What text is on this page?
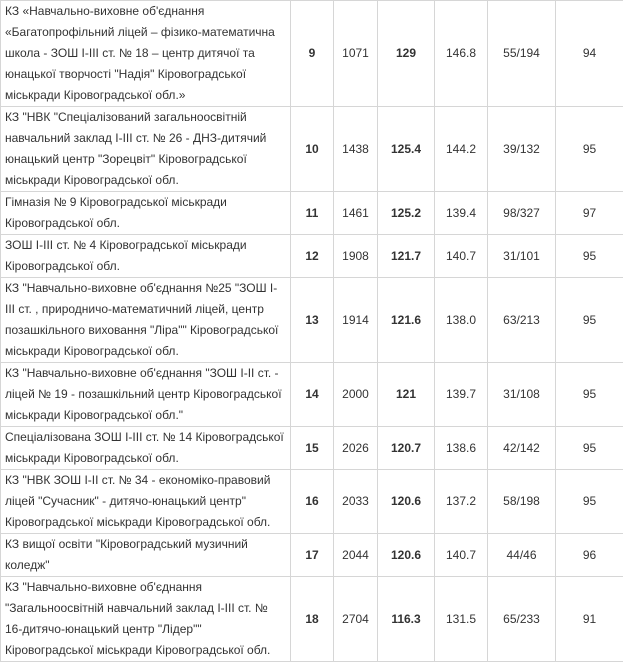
КЗ «Навчально-виховне об'єднання «Багатопрофільний ліцей – фізико-математична школа - ЗОШ І-ІІІ ст. № 18 – центр дитячої та юнацької творчості "Надія" Кіровоградської міськради Кіровоградської обл.»	9	1071	129	146.8	55/194	94
КЗ "НВК "Спеціалізований загальноосвітній навчальний заклад І-ІІІ ст. № 26 - ДНЗ-дитячий юнацький центр "Зорецвіт" Кіровоградської міськради Кіровоградської обл.	10	1438	125.4	144.2	39/132	95
Гімназія № 9 Кіровоградської міськради Кіровоградської обл.	11	1461	125.2	139.4	98/327	97
ЗОШ І-ІІІ ст. № 4 Кіровоградської міськради Кіровоградської обл.	12	1908	121.7	140.7	31/101	95
КЗ "Навчально-виховне об'єднання №25 "ЗОШ І-ІІІ ст. , природничо-математичний ліцей, центр позашкільного виховання "Ліра"" Кіровоградської міськради Кіровоградської обл.	13	1914	121.6	138.0	63/213	95
КЗ "Навчально-виховне об'єднання "ЗОШ І-ІІ ст. - ліцей № 19 - позашкільний центр Кіровоградської міськради Кіровоградської обл."	14	2000	121	139.7	31/108	95
Спеціалізована ЗОШ І-ІІІ ст. № 14 Кіровоградської міськради Кіровоградської обл.	15	2026	120.7	138.6	42/142	95
КЗ "НВК ЗОШ І-ІІ ст. № 34 - економіко-правовий ліцей "Сучасник" - дитячо-юнацький центр" Кіровоградської міськради Кіровоградської обл.	16	2033	120.6	137.2	58/198	95
КЗ вищої освіти "Кіровоградський музичний коледж"	17	2044	120.6	140.7	44/46	96
КЗ "Навчально-виховне об'єднання "Загальноосвітній навчальний заклад І-ІІІ ст. № 16-дитячо-юнацький центр "Лідер"" Кіровоградської міськради Кіровоградської обл.	18	2704	116.3	131.5	65/233	91
